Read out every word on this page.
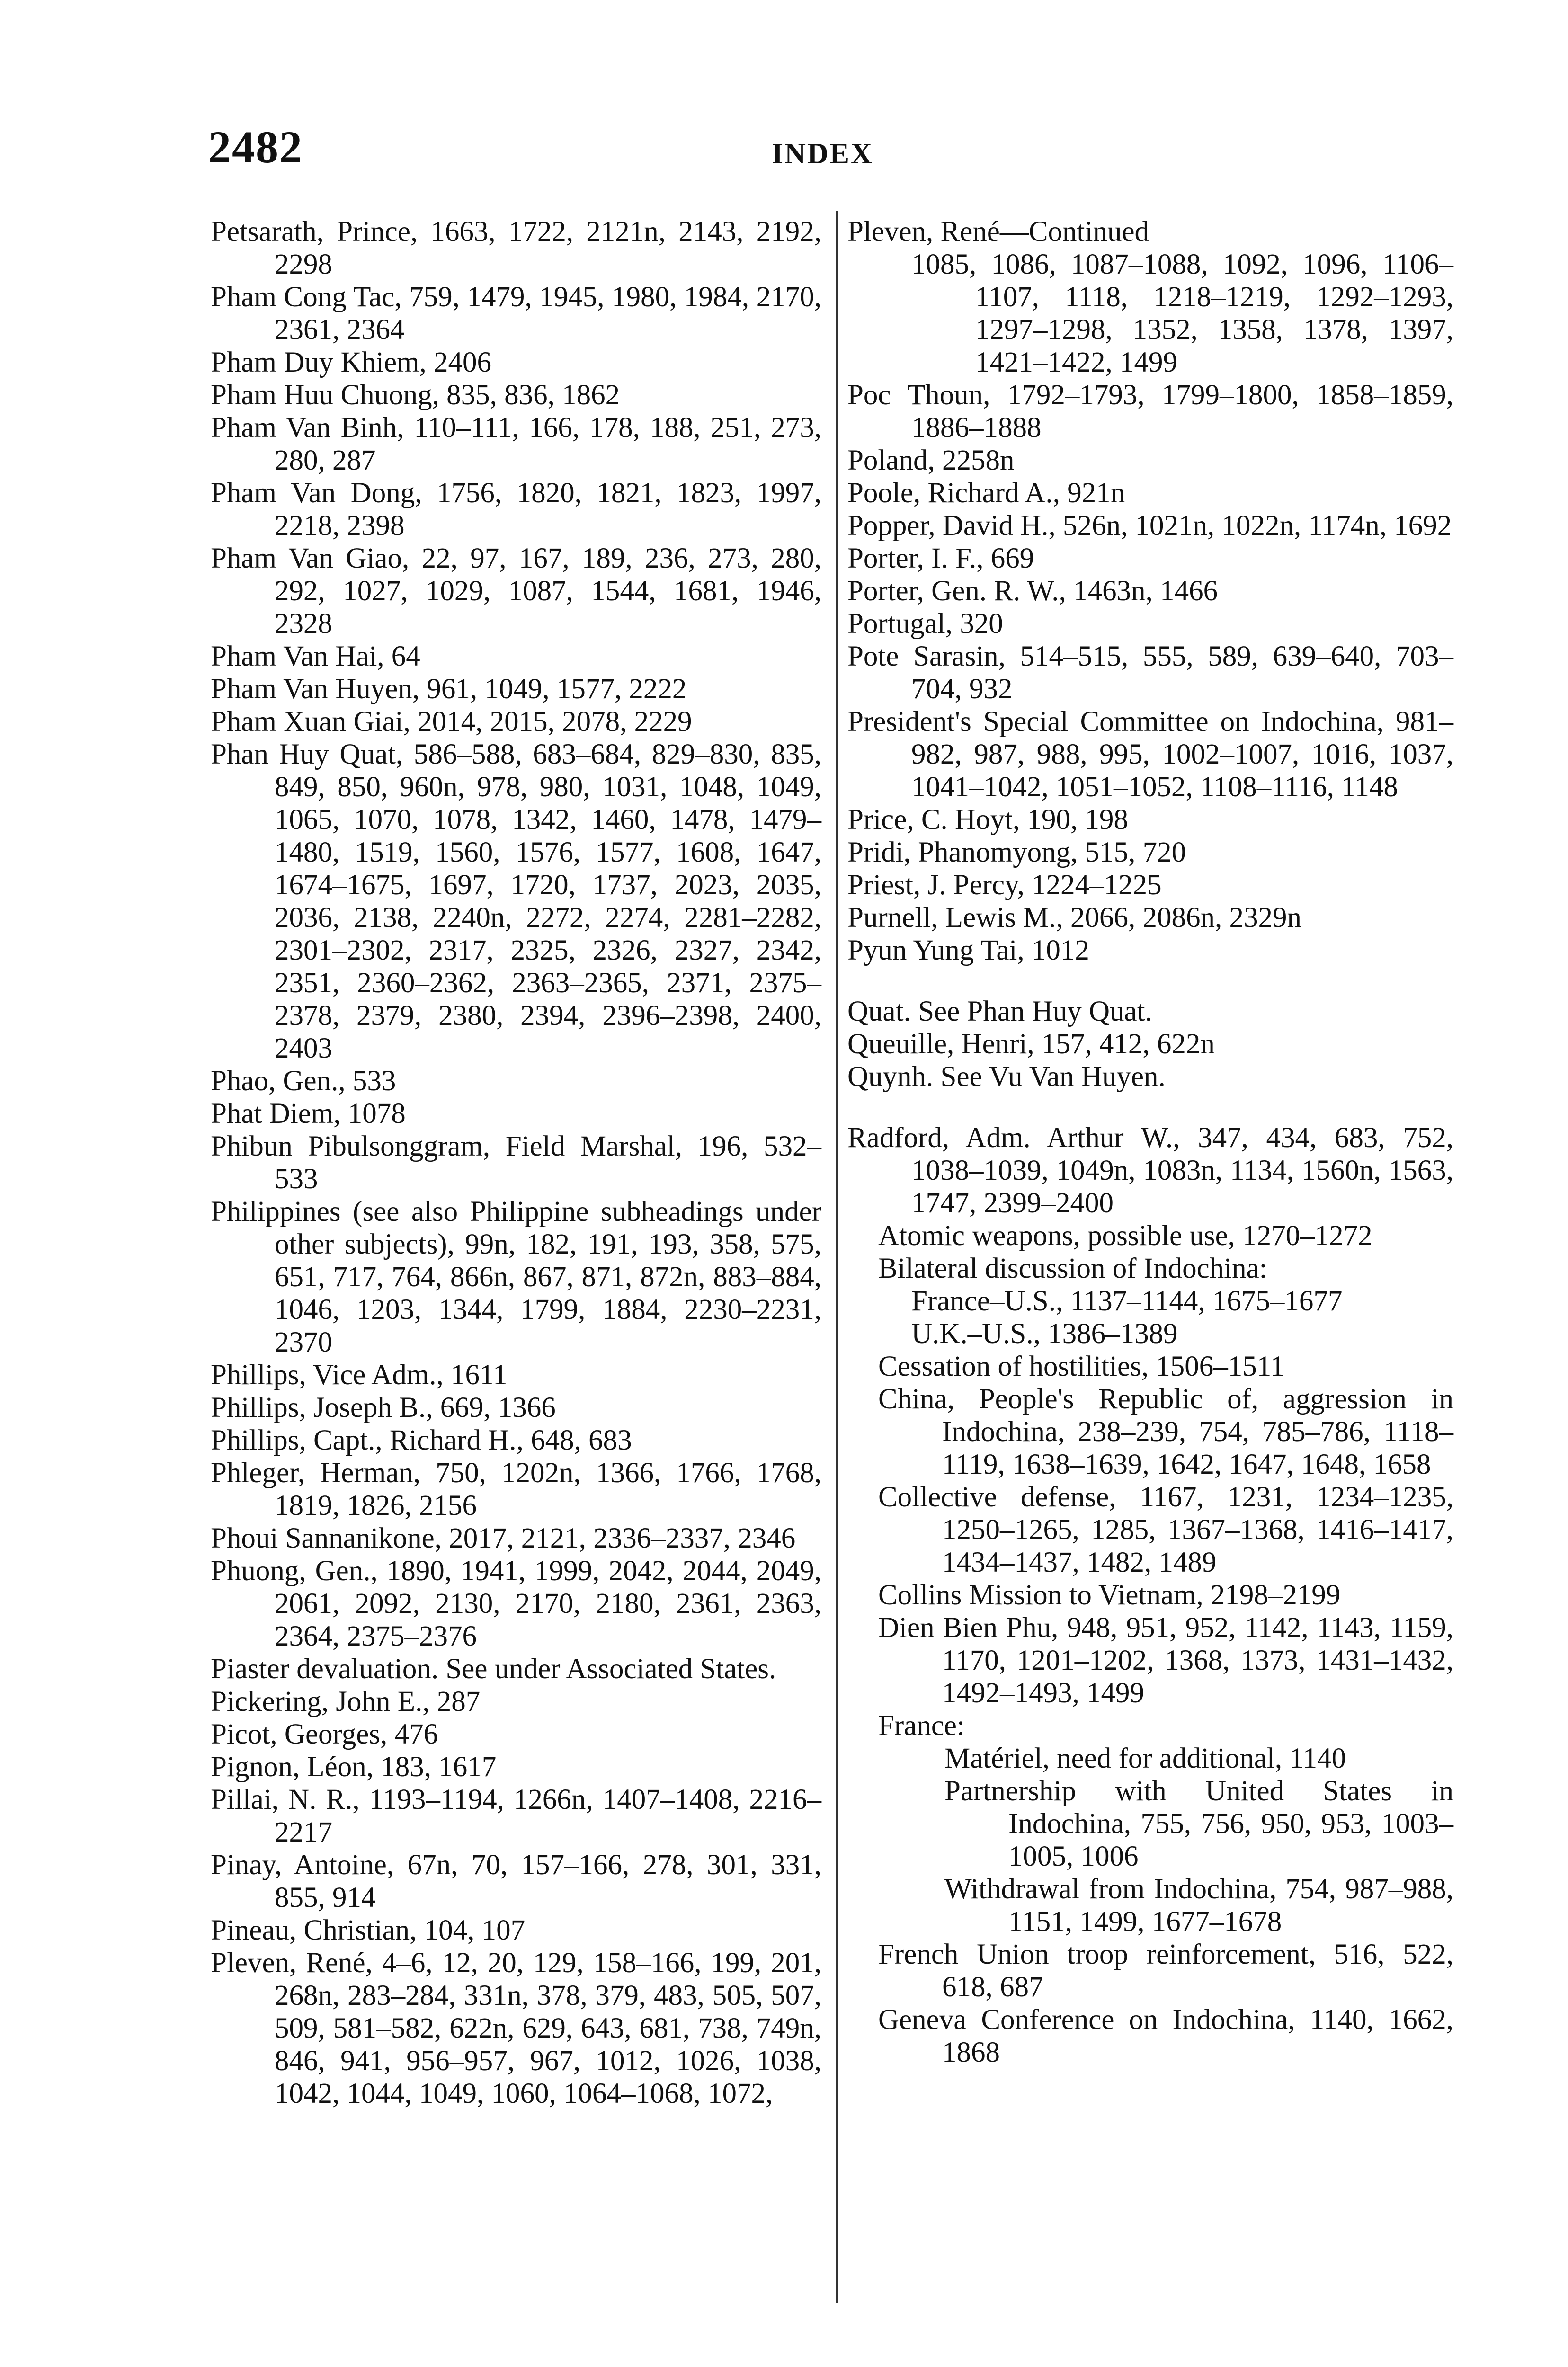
2482	INDEX
Petsarath, Prince, 1663, 1722, 2121n, 2143, 2192, 2298
Pham Cong Tac, 759, 1479, 1945, 1980, 1984, 2170, 2361, 2364
Pham Duy Khiem, 2406
Pham Huu Chuong, 835, 836, 1862
Pham Van Binh, 110–111, 166, 178, 188, 251, 273, 280, 287
Pham Van Dong, 1756, 1820, 1821, 1823, 1997, 2218, 2398
Pham Van Giao, 22, 97, 167, 189, 236, 273, 280, 292, 1027, 1029, 1087, 1544, 1681, 1946, 2328
Pham Van Hai, 64
Pham Van Huyen, 961, 1049, 1577, 2222
Pham Xuan Giai, 2014, 2015, 2078, 2229
Phan Huy Quat, 586–588, 683–684, 829–830, 835, 849, 850, 960n, 978, 980, 1031, 1048, 1049, 1065, 1070, 1078, 1342, 1460, 1478, 1479–1480, 1519, 1560, 1576, 1577, 1608, 1647, 1674–1675, 1697, 1720, 1737, 2023, 2035, 2036, 2138, 2240n, 2272, 2274, 2281–2282, 2301–2302, 2317, 2325, 2326, 2327, 2342, 2351, 2360–2362, 2363–2365, 2371, 2375–2378, 2379, 2380, 2394, 2396–2398, 2400, 2403
Phao, Gen., 533
Phat Diem, 1078
Phibun Pibulsonggram, Field Marshal, 196, 532–533
Philippines (see also Philippine subheadings under other subjects), 99n, 182, 191, 193, 358, 575, 651, 717, 764, 866n, 867, 871, 872n, 883–884, 1046, 1203, 1344, 1799, 1884, 2230–2231, 2370
Phillips, Vice Adm., 1611
Phillips, Joseph B., 669, 1366
Phillips, Capt., Richard H., 648, 683
Phleger, Herman, 750, 1202n, 1366, 1766, 1768, 1819, 1826, 2156
Phoui Sannanikone, 2017, 2121, 2336–2337, 2346
Phuong, Gen., 1890, 1941, 1999, 2042, 2044, 2049, 2061, 2092, 2130, 2170, 2180, 2361, 2363, 2364, 2375–2376
Piaster devaluation. See under Associated States.
Pickering, John E., 287
Picot, Georges, 476
Pignon, Léon, 183, 1617
Pillai, N. R., 1193–1194, 1266n, 1407–1408, 2216–2217
Pinay, Antoine, 67n, 70, 157–166, 278, 301, 331, 855, 914
Pineau, Christian, 104, 107
Pleven, René, 4–6, 12, 20, 129, 158–166, 199, 201, 268n, 283–284, 331n, 378, 379, 483, 505, 507, 509, 581–582, 622n, 629, 643, 681, 738, 749n, 846, 941, 956–957, 967, 1012, 1026, 1038, 1042, 1044, 1049, 1060, 1064–1068, 1072,
Pleven, René—Continued
1085, 1086, 1087–1088, 1092, 1096, 1106–1107, 1118, 1218–1219, 1292–1293, 1297–1298, 1352, 1358, 1378, 1397, 1421–1422, 1499
Poc Thoun, 1792–1793, 1799–1800, 1858–1859, 1886–1888
Poland, 2258n
Poole, Richard A., 921n
Popper, David H., 526n, 1021n, 1022n, 1174n, 1692
Porter, I. F., 669
Porter, Gen. R. W., 1463n, 1466
Portugal, 320
Pote Sarasin, 514–515, 555, 589, 639–640, 703–704, 932
President's Special Committee on Indochina, 981–982, 987, 988, 995, 1002–1007, 1016, 1037, 1041–1042, 1051–1052, 1108–1116, 1148
Price, C. Hoyt, 190, 198
Pridi, Phanomyong, 515, 720
Priest, J. Percy, 1224–1225
Purnell, Lewis M., 2066, 2086n, 2329n
Pyun Yung Tai, 1012
Quat. See Phan Huy Quat.
Queuille, Henri, 157, 412, 622n
Quynh. See Vu Van Huyen.
Radford, Adm. Arthur W., 347, 434, 683, 752, 1038–1039, 1049n, 1083n, 1134, 1560n, 1563, 1747, 2399–2400
Atomic weapons, possible use, 1270–1272
Bilateral discussion of Indochina:
France–U.S., 1137–1144, 1675–1677
U.K.–U.S., 1386–1389
Cessation of hostilities, 1506–1511
China, People's Republic of, aggression in Indochina, 238–239, 754, 785–786, 1118–1119, 1638–1639, 1642, 1647, 1648, 1658
Collective defense, 1167, 1231, 1234–1235, 1250–1265, 1285, 1367–1368, 1416–1417, 1434–1437, 1482, 1489
Collins Mission to Vietnam, 2198–2199
Dien Bien Phu, 948, 951, 952, 1142, 1143, 1159, 1170, 1201–1202, 1368, 1373, 1431–1432, 1492–1493, 1499
France:
Matériel, need for additional, 1140
Partnership with United States in Indochina, 755, 756, 950, 953, 1003–1005, 1006
Withdrawal from Indochina, 754, 987–988, 1151, 1499, 1677–1678
French Union troop reinforcement, 516, 522, 618, 687
Geneva Conference on Indochina, 1140, 1662, 1868
